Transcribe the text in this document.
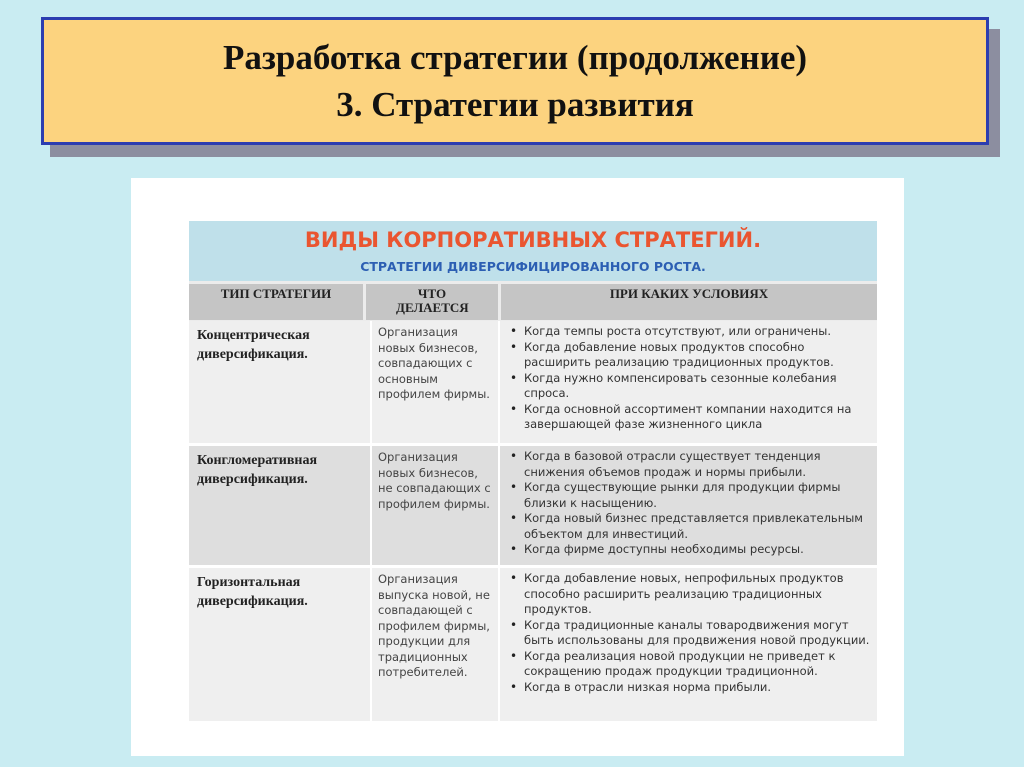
Разработка стратегии (продолжение)
3. Стратегии развития
ВИДЫ КОРПОРАТИВНЫХ СТРАТЕГИЙ.
СТРАТЕГИИ ДИВЕРСИФИЦИРОВАННОГО РОСТА.
ТИП СТРАТЕГИИ	ЧТО ДЕЛАЕТСЯ
ПРИ КАКИХ УСЛОВИЯХ
Концентрическая диверсификация.
Организация новых бизнесов, совпадающих с основным профилем фирмы.
• Когда темпы роста отсутствуют, или ограничены.
• Когда добавление новых продуктов способно расширить реализацию традиционных продуктов.
• Когда нужно компенсировать сезонные колебания спроса.
• Когда основной ассортимент компании находится на завершающей фазе жизненного цикла
Конгломеративная диверсификация.
Организация новых бизнесов, не совпадающих с профилем фирмы.
• Когда в базовой отрасли существует тенденция снижения объемов продаж и нормы прибыли.
• Когда существующие рынки для продукции фирмы близки к насыщению.
• Когда новый бизнес представляется привлекательным объектом для инвестиций.
• Когда фирме доступны необходимы ресурсы.
Горизонтальная диверсификация.
Организация выпуска новой, не совпадающей с профилем фирмы, продукции для традиционных потребителей.
• Когда добавление новых, непрофильных продуктов способно расширить реализацию традиционных продуктов.
• Когда традиционные каналы товародвижения могут быть использованы для продвижения новой продукции.
• Когда реализация новой продукции не приведет к сокращению продаж продукции традиционной.
• Когда в отрасли низкая норма прибыли.
